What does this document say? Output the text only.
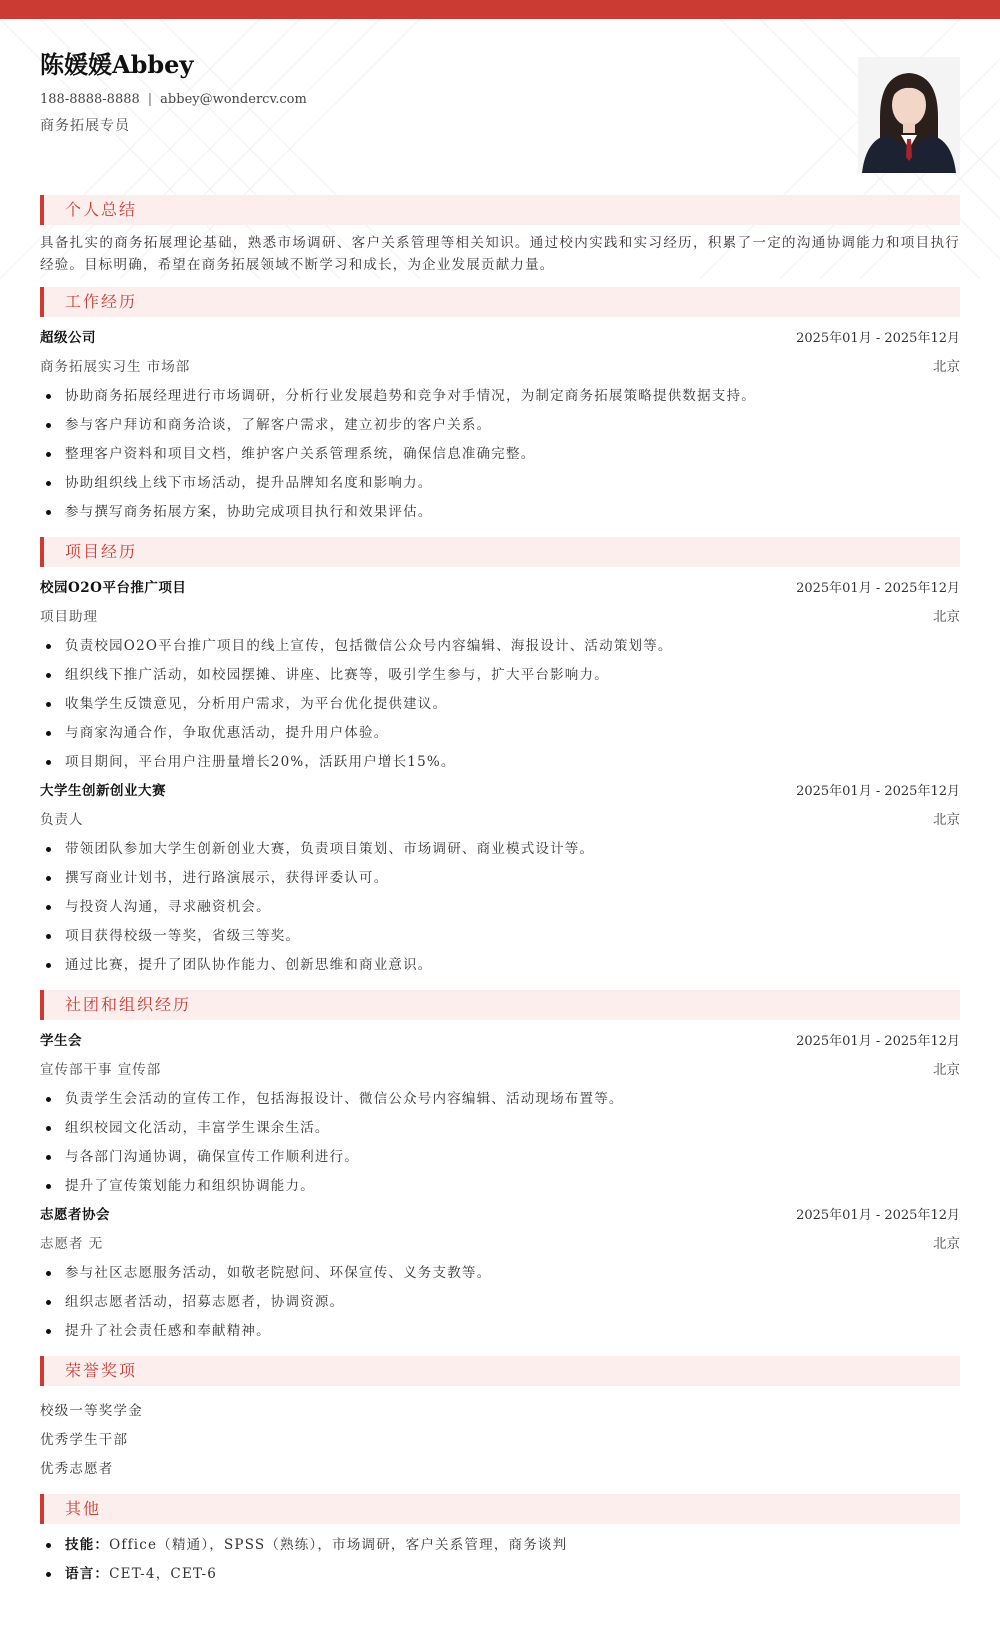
陈媛媛Abbey
188-8888-8888 | abbey@wondercv.com
商务拓展专员
个人总结

具备扎实的商务拓展理论基础，熟悉市场调研、客户关系管理等相关知识。通过校内实践和实习经历，积累了一定的沟通协调能力和项目执行经验。目标明确，希望在商务拓展领域不断学习和成长，为企业发展贡献力量。

工作经历
超级公司	2025年01月 - 2025年12月
商务拓展实习生 市场部	北京
协助商务拓展经理进行市场调研，分析行业发展趋势和竞争对手情况，为制定商务拓展策略提供数据支持。
参与客户拜访和商务洽谈，了解客户需求，建立初步的客户关系。
整理客户资料和项目文档，维护客户关系管理系统，确保信息准确完整。
协助组织线上线下市场活动，提升品牌知名度和影响力。
参与撰写商务拓展方案，协助完成项目执行和效果评估。
项目经历
校园O2O平台推广项目	2025年01月 - 2025年12月
项目助理	北京
负责校园O2O平台推广项目的线上宣传，包括微信公众号内容编辑、海报设计、活动策划等。
组织线下推广活动，如校园摆摊、讲座、比赛等，吸引学生参与，扩大平台影响力。
收集学生反馈意见，分析用户需求，为平台优化提供建议。
与商家沟通合作，争取优惠活动，提升用户体验。
项目期间，平台用户注册量增长20%，活跃用户增长15%。
大学生创新创业大赛	2025年01月 - 2025年12月
负责人	北京
带领团队参加大学生创新创业大赛，负责项目策划、市场调研、商业模式设计等。
撰写商业计划书，进行路演展示，获得评委认可。
与投资人沟通，寻求融资机会。
项目获得校级一等奖，省级三等奖。
通过比赛，提升了团队协作能力、创新思维和商业意识。
社团和组织经历
学生会	2025年01月 - 2025年12月
宣传部干事 宣传部	北京
负责学生会活动的宣传工作，包括海报设计、微信公众号内容编辑、活动现场布置等。
组织校园文化活动，丰富学生课余生活。
与各部门沟通协调，确保宣传工作顺利进行。
提升了宣传策划能力和组织协调能力。
志愿者协会	2025年01月 - 2025年12月
志愿者 无	北京
参与社区志愿服务活动，如敬老院慰问、环保宣传、义务支教等。
组织志愿者活动，招募志愿者，协调资源。
提升了社会责任感和奉献精神。
荣誉奖项
校级一等奖学金
优秀学生干部
优秀志愿者
其他
技能：Office（精通），SPSS（熟练），市场调研，客户关系管理，商务谈判
语言：CET-4，CET-6
